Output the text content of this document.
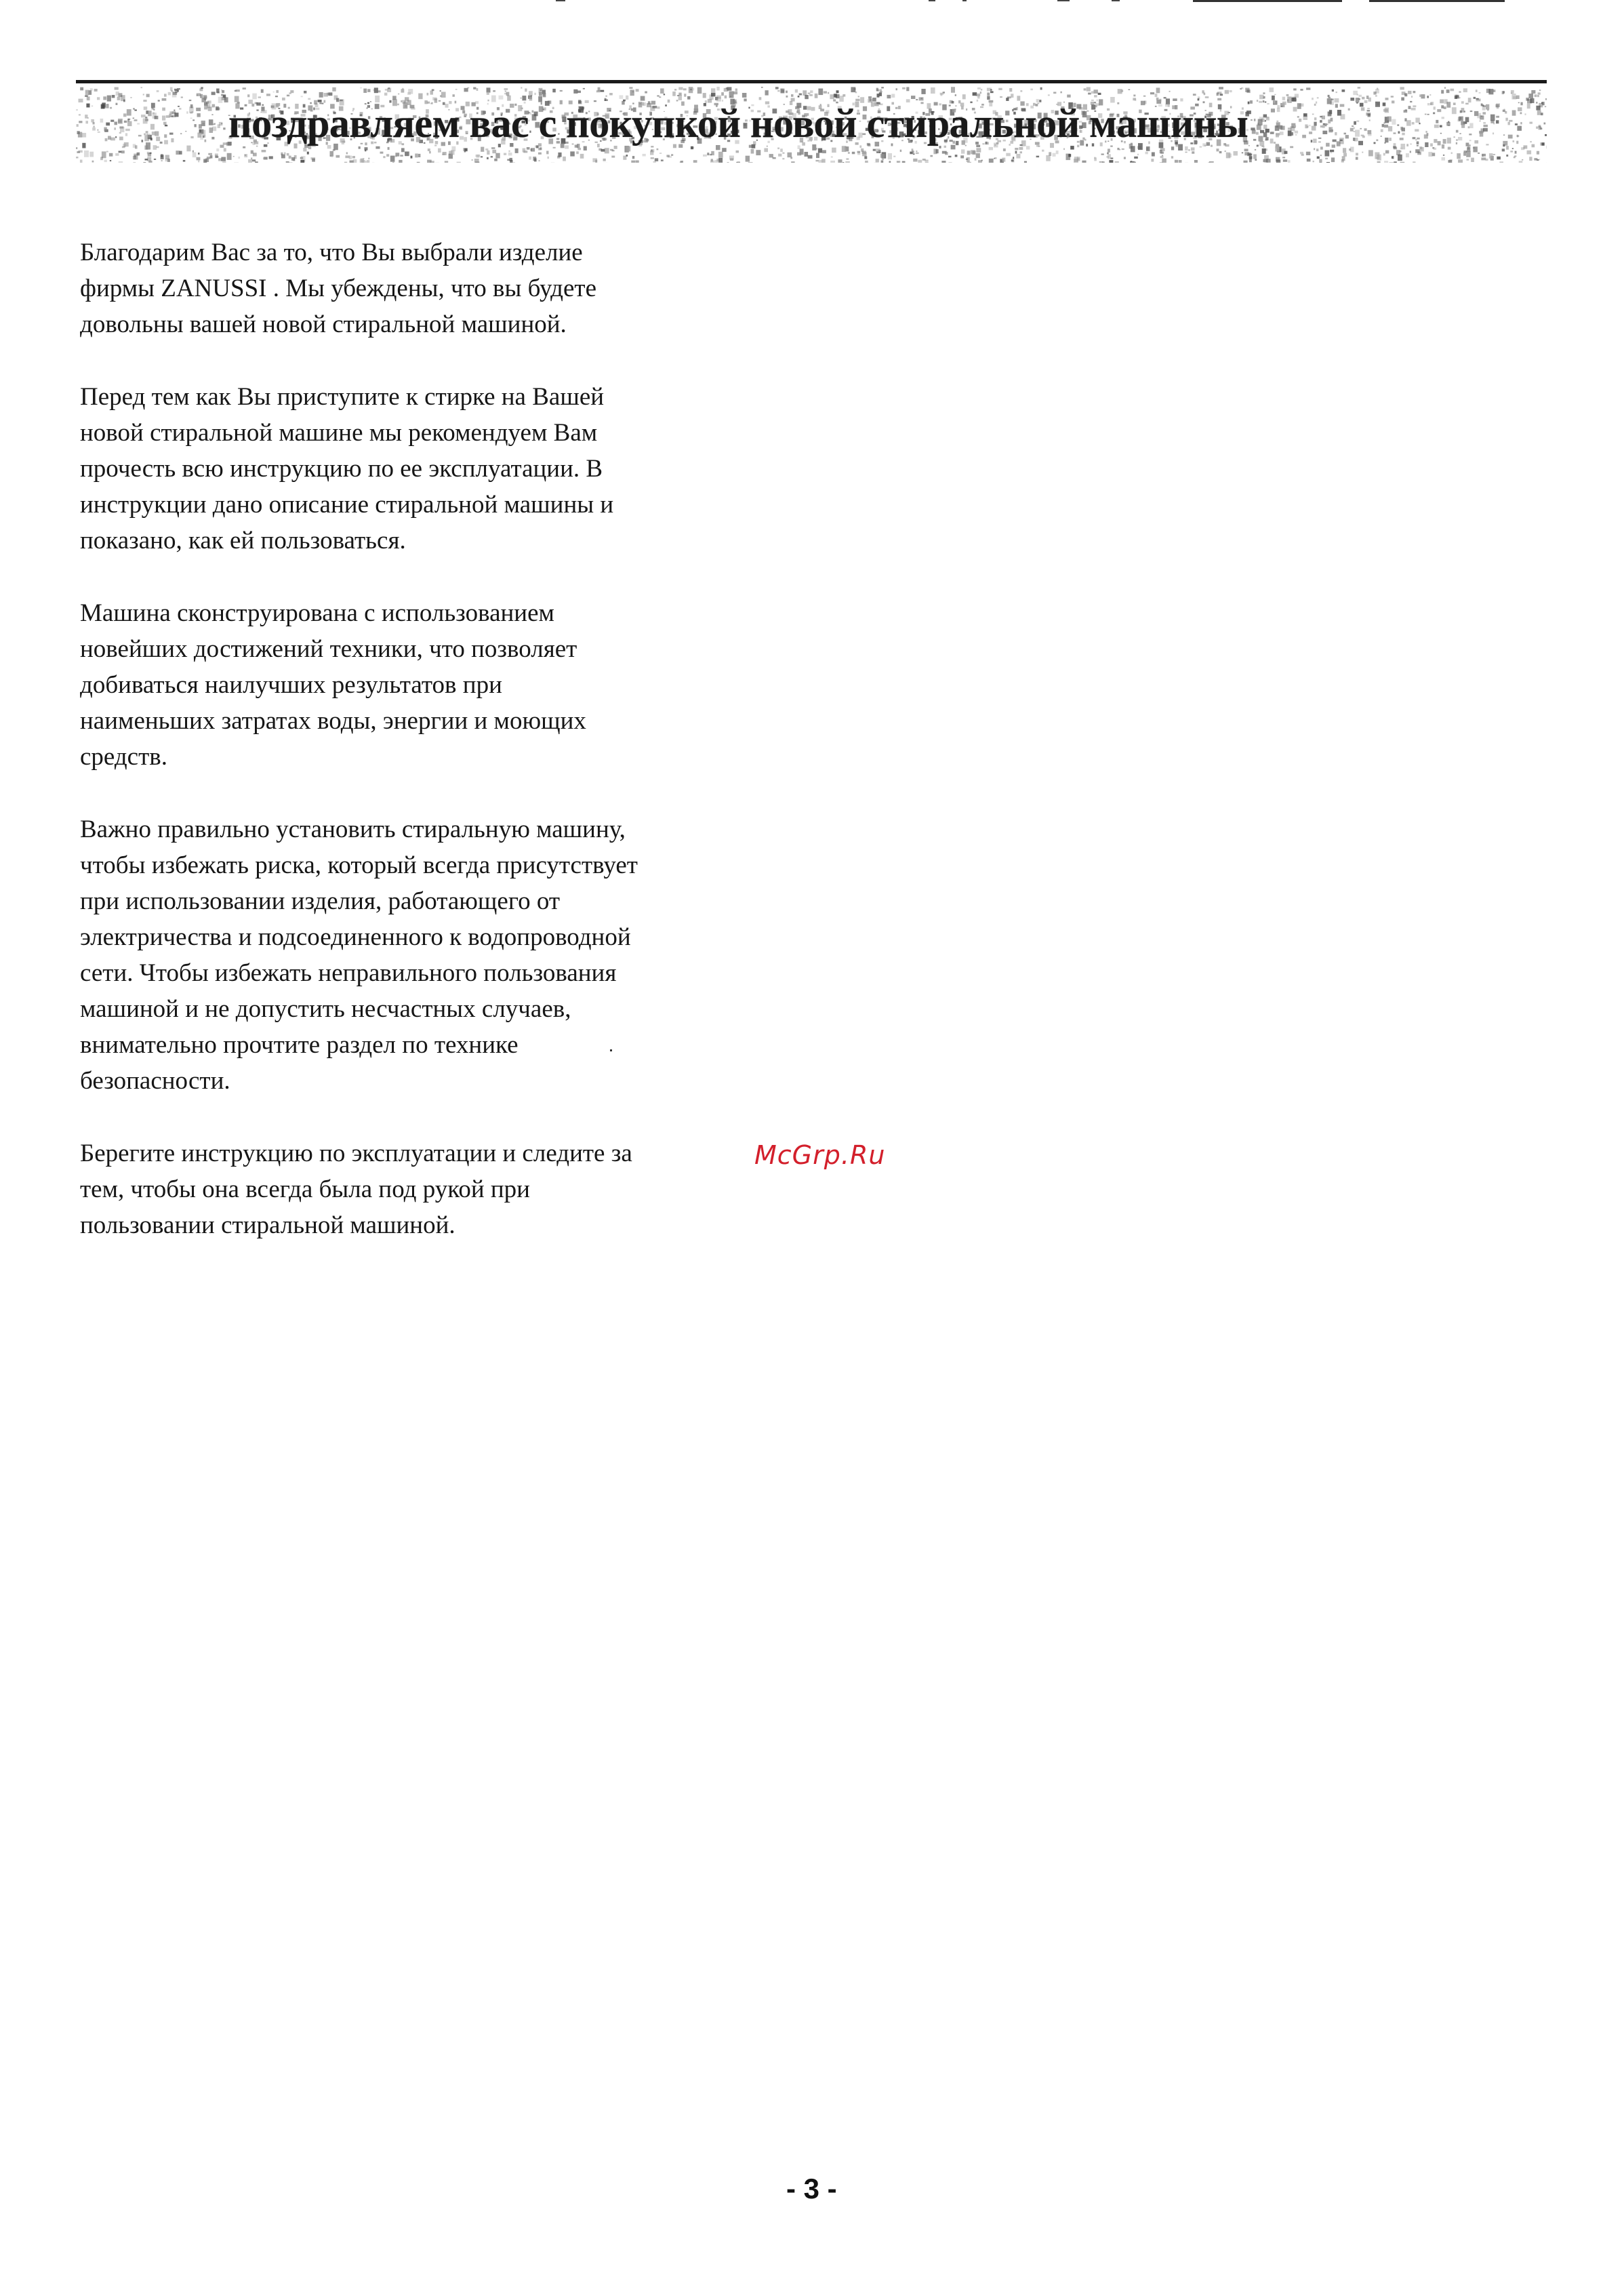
поздравляем вас с покупкой новой стиральной машины

Благодарим Вас за то, что Вы выбрали изделие
фирмы ZANUSSI . Мы убеждены, что вы будете
довольны вашей новой стиральной машиной.

Перед тем как Вы приступите к стирке на Вашей
новой стиральной машине мы рекомендуем Вам
прочесть всю инструкцию по ее эксплуатации. В
инструкции дано описание стиральной машины и
показано, как ей пользоваться.

Машина сконструирована с использованием
новейших достижений техники, что позволяет
добиваться наилучших результатов при
наименьших затратах воды, энергии и моющих
средств.

Важно правильно установить стиральную машину,
чтобы избежать риска, который всегда присутствует
при использовании изделия, работающего от
электричества и подсоединенного к водопроводной
сети. Чтобы избежать неправильного пользования
машиной и не допустить несчастных случаев,
внимательно прочтите раздел по технике
безопасности.

Берегите инструкцию по эксплуатации и следите за
тем, чтобы она всегда была под рукой при
пользовании стиральной машиной.

McGrp.Ru
- 3 -
